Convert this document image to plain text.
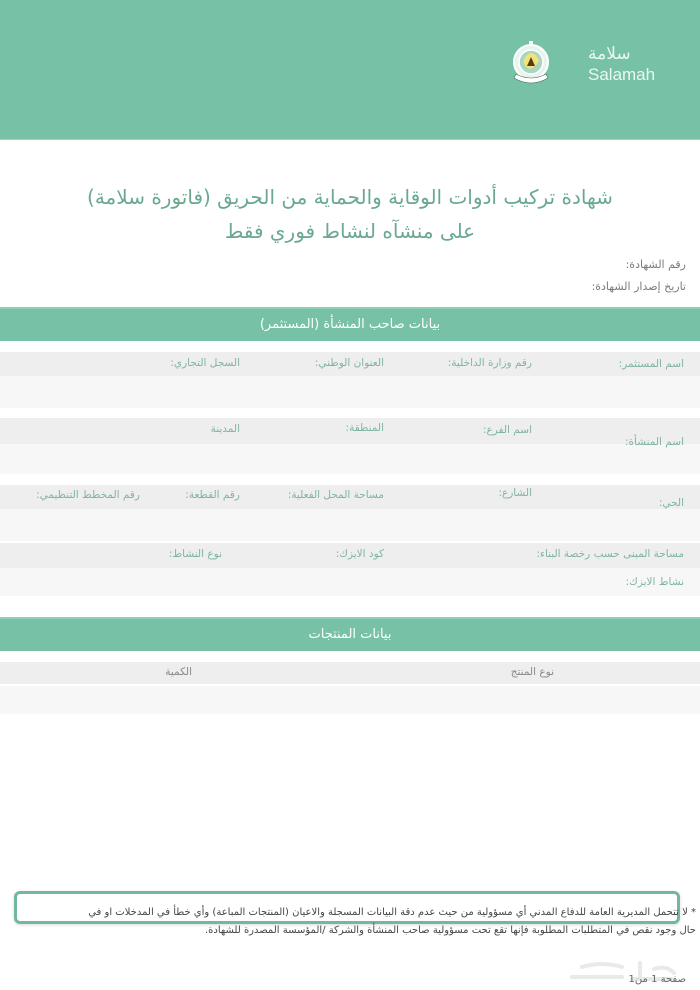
سلامة
Salamah
شهادة تركيب أدوات الوقاية والحماية من الحريق (فاتورة سلامة)
على منشآه لنشاط فوري فقط
رقم الشهادة:
تاريخ إصدار الشهادة:
بيانات صاحب المنشأة (المستثمر)
اسم المستثمر:
رقم وزارة الداخلية:
العنوان الوطني:
السجل التجاري:
اسم المنشأة:
اسم الفرع:
المنطقة:
المدينة
الحي:
الشارع:
مساحة المحل الفعلية:
رقم القطعة:
رقم المخطط التنظيمي:
مساحة المبنى حسب رخصة البناء:
كود الايزك:
نوع النشاط:
نشاط الايزك:
بيانات المنتجات
نوع المنتج
الكمية
* لا تتحمل المديرية العامة للدفاع المدني أي مسؤولية من حيث عدم دقة البيانات المسجلة والاعيان (المنتجات المباعة) وأي خطأ في المدخلات او في
حال وجود نقص في المتطلبات المطلوبة فإنها تقع تحت مسؤولية صاحب المنشأة والشركة /المؤسسة المصدرة للشهادة.
صفحة 1 من1
